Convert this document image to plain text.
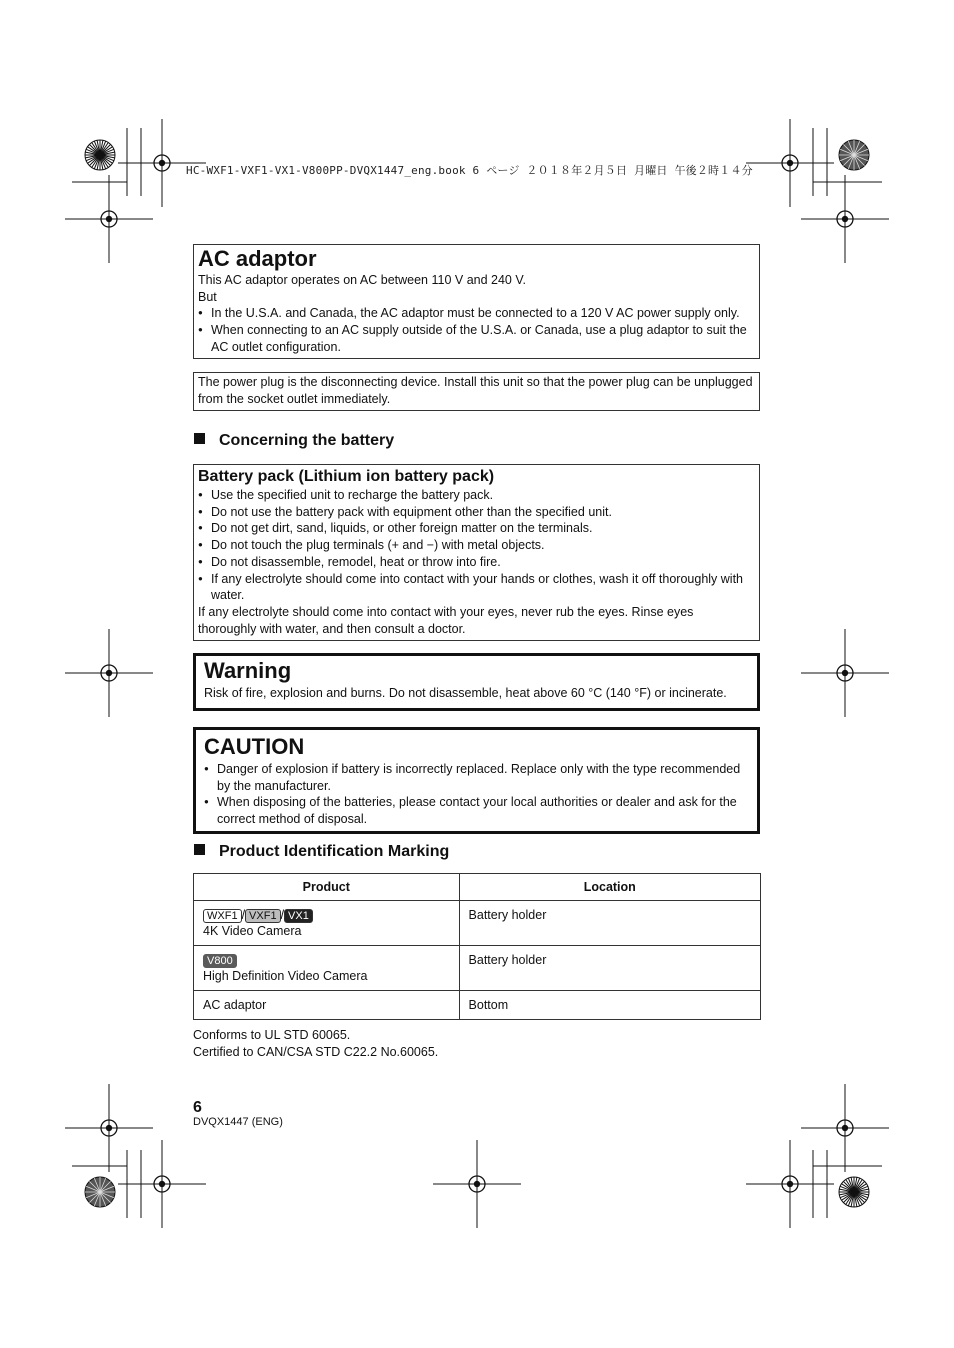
HC-WXF1-VXF1-VX1-V800PP-DVQX1447_eng.book 6 ページ ２０１８年２月５日 月曜日 午後２時１４分
AC adaptor
This AC adaptor operates on AC between 110 V and 240 V.
But
● In the U.S.A. and Canada, the AC adaptor must be connected to a 120 V AC power supply only.
● When connecting to an AC supply outside of the U.S.A. or Canada, use a plug adaptor to suit the AC outlet configuration.
The power plug is the disconnecting device. Install this unit so that the power plug can be unplugged from the socket outlet immediately.
Concerning the battery
Battery pack (Lithium ion battery pack)
● Use the specified unit to recharge the battery pack.
● Do not use the battery pack with equipment other than the specified unit.
● Do not get dirt, sand, liquids, or other foreign matter on the terminals.
● Do not touch the plug terminals (+ and −) with metal objects.
● Do not disassemble, remodel, heat or throw into fire.
● If any electrolyte should come into contact with your hands or clothes, wash it off thoroughly with water.
If any electrolyte should come into contact with your eyes, never rub the eyes. Rinse eyes thoroughly with water, and then consult a doctor.
Warning
Risk of fire, explosion and burns. Do not disassemble, heat above 60 °C (140 °F) or incinerate.
CAUTION
● Danger of explosion if battery is incorrectly replaced. Replace only with the type recommended by the manufacturer.
● When disposing of the batteries, please contact your local authorities or dealer and ask for the correct method of disposal.
Product Identification Marking
Product	Location
WXF1 / VXF1 / VX1
4K Video Camera	Battery holder
V800
High Definition Video Camera	Battery holder
AC adaptor	Bottom
Conforms to UL STD 60065.
Certified to CAN/CSA STD C22.2 No.60065.
6
DVQX1447 (ENG)
